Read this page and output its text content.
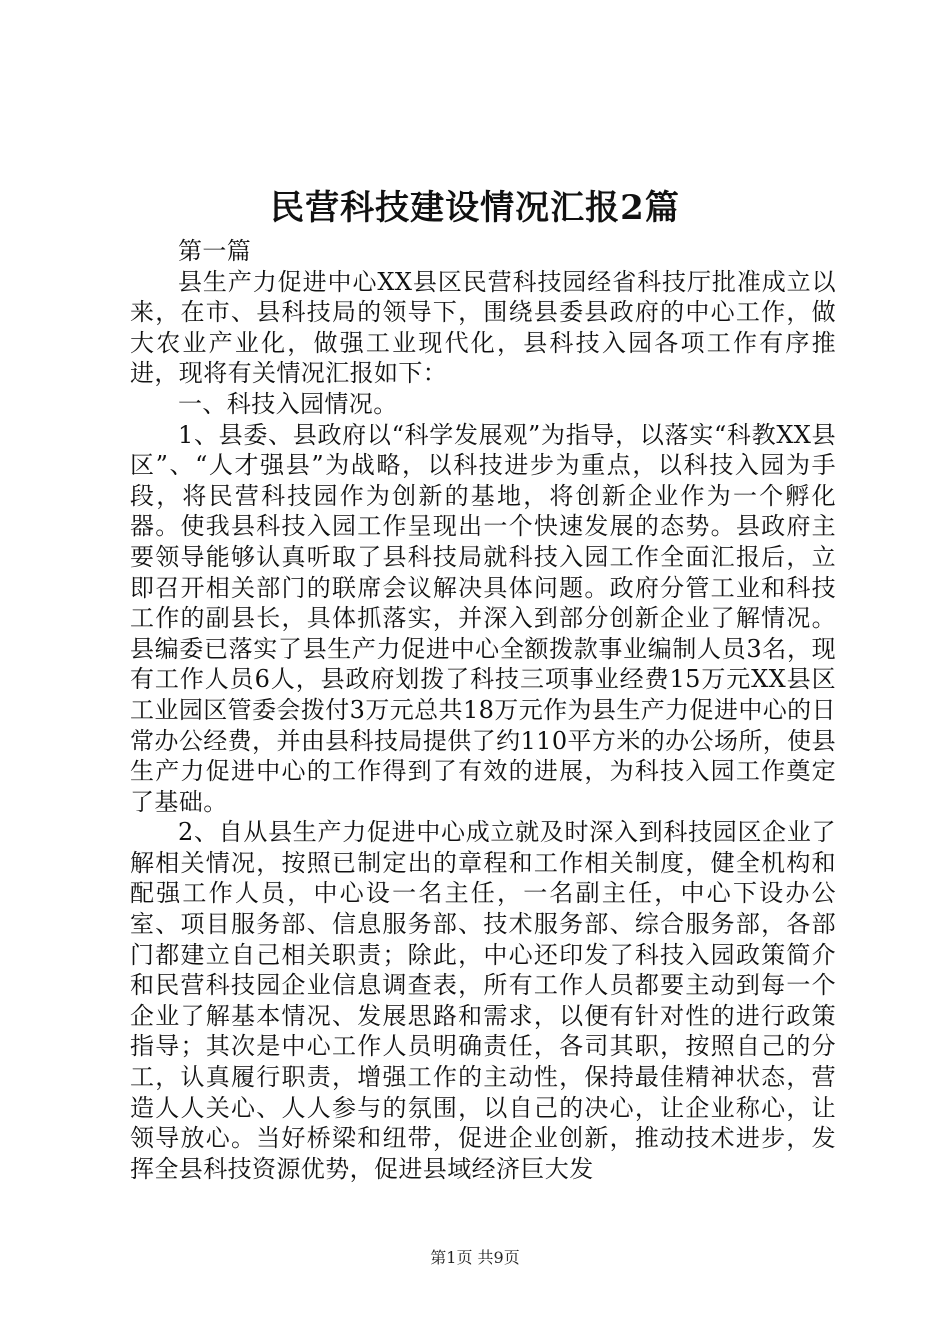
民营科技建设情况汇报2篇

第一篇

县生产力促进中心XX县区民营科技园经省科技厅批准成立以来，在市、县科技局的领导下，围绕县委县政府的中心工作，做大农业产业化，做强工业现代化，县科技入园各项工作有序推进，现将有关情况汇报如下：

一、科技入园情况。

1、县委、县政府以“科学发展观”为指导，以落实“科教XX县区”、“人才强县”为战略，以科技进步为重点，以科技入园为手段，将民营科技园作为创新的基地，将创新企业作为一个孵化器。使我县科技入园工作呈现出一个快速发展的态势。县政府主要领导能够认真听取了县科技局就科技入园工作全面汇报后，立即召开相关部门的联席会议解决具体问题。政府分管工业和科技工作的副县长，具体抓落实，并深入到部分创新企业了解情况。县编委已落实了县生产力促进中心全额拨款事业编制人员3名，现有工作人员6人，县政府划拨了科技三项事业经费15万元XX县区工业园区管委会拨付3万元总共18万元作为县生产力促进中心的日常办公经费，并由县科技局提供了约110平方米的办公场所，使县生产力促进中心的工作得到了有效的进展，为科技入园工作奠定了基础。

2、自从县生产力促进中心成立就及时深入到科技园区企业了解相关情况，按照已制定出的章程和工作相关制度，健全机构和配强工作人员，中心设一名主任，一名副主任，中心下设办公室、项目服务部、信息服务部、技术服务部、综合服务部，各部门都建立自己相关职责；除此，中心还印发了科技入园政策简介和民营科技园企业信息调查表，所有工作人员都要主动到每一个企业了解基本情况、发展思路和需求，以便有针对性的进行政策指导；其次是中心工作人员明确责任，各司其职，按照自己的分工，认真履行职责，增强工作的主动性，保持最佳精神状态，营造人人关心、人人参与的氛围，以自己的决心，让企业称心，让领导放心。当好桥梁和纽带，促进企业创新，推动技术进步，发挥全县科技资源优势，促进县域经济巨大发

第1页 共9页
